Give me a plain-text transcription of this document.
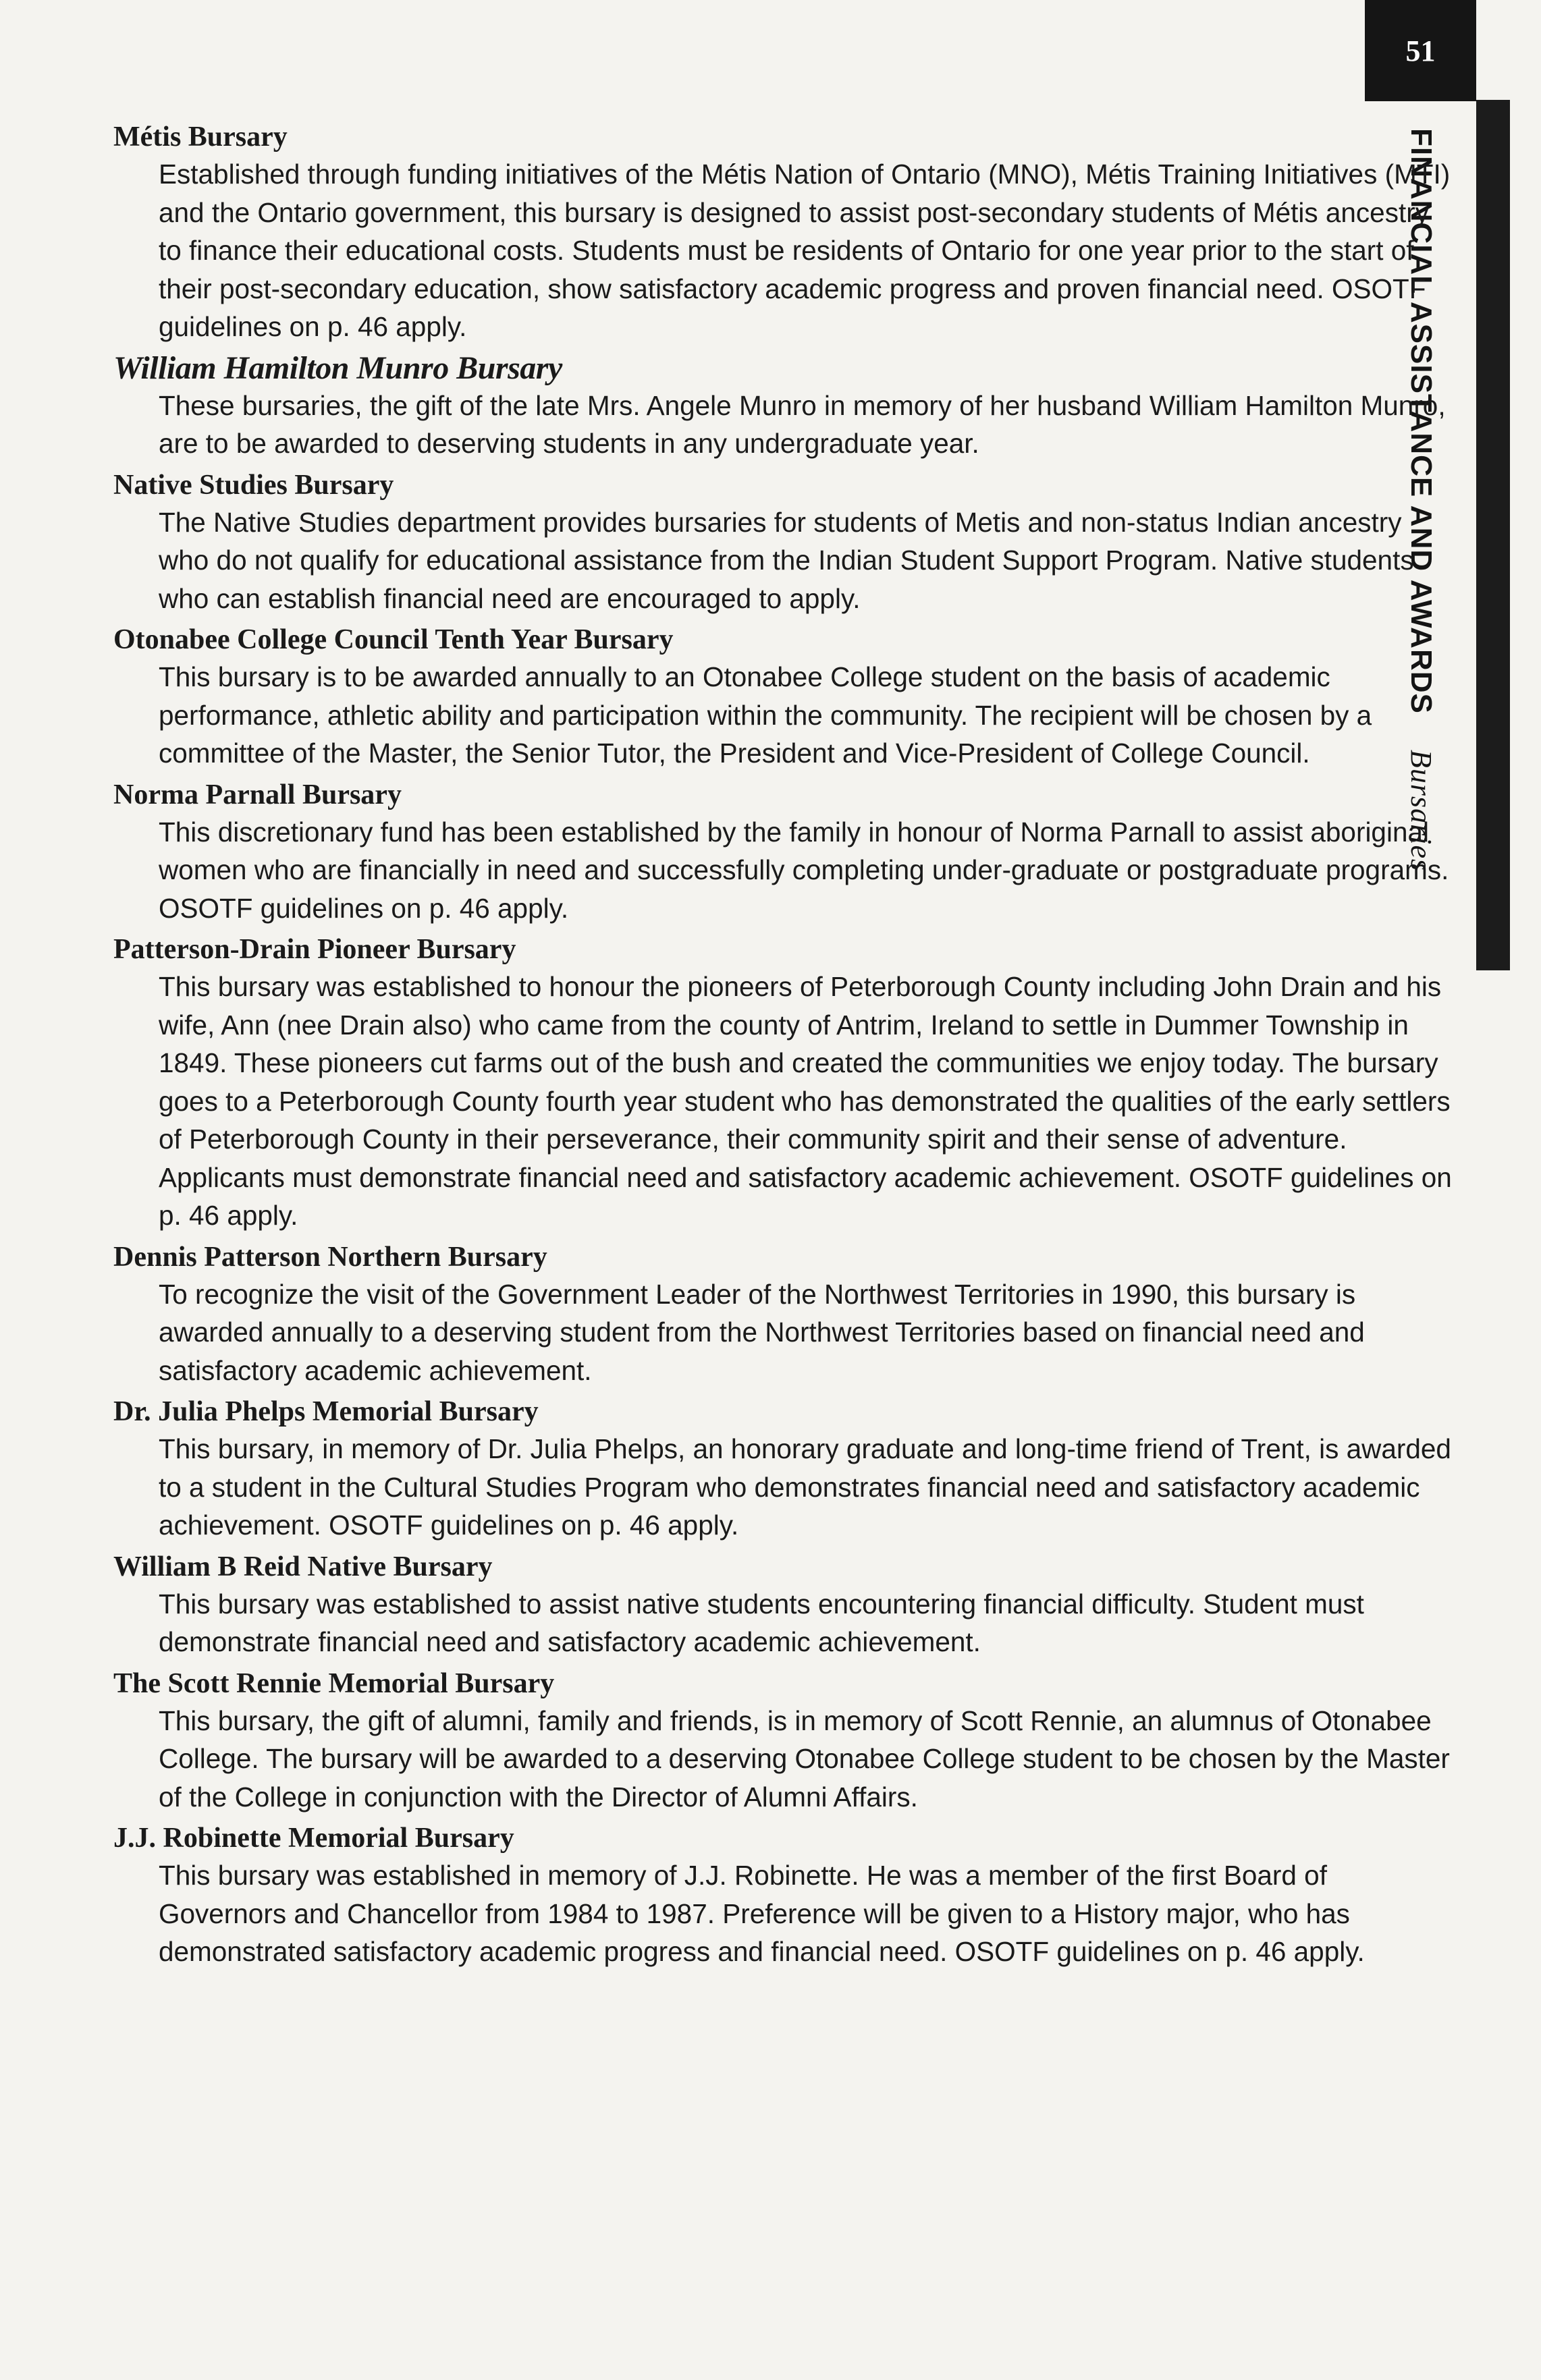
51
FINANCIAL ASSISTANCE AND AWARDS Bursaries
Métis Bursary

Established through funding initiatives of the Métis Nation of Ontario (MNO), Métis Training Initiatives (MTI) and the Ontario government, this bursary is designed to assist post-secondary students of Métis ancestry to finance their educational costs. Students must be residents of Ontario for one year prior to the start of their post-secondary education, show satisfactory academic progress and proven financial need. OSOTF guidelines on p. 46 apply.

William Hamilton Munro Bursary

These bursaries, the gift of the late Mrs. Angele Munro in memory of her husband William Hamilton Munro, are to be awarded to deserving students in any undergraduate year.

Native Studies Bursary

The Native Studies department provides bursaries for students of Metis and non-status Indian ancestry who do not qualify for educational assistance from the Indian Student Support Program. Native students who can establish financial need are encouraged to apply.

Otonabee College Council Tenth Year Bursary

This bursary is to be awarded annually to an Otonabee College student on the basis of academic performance, athletic ability and participation within the community. The recipient will be chosen by a committee of the Master, the Senior Tutor, the President and Vice-President of College Council.

Norma Parnall Bursary

This discretionary fund has been established by the family in honour of Norma Parnall to assist aboriginal women who are financially in need and successfully completing under-graduate or postgraduate programs. OSOTF guidelines on p. 46 apply.

Patterson-Drain Pioneer Bursary

This bursary was established to honour the pioneers of Peterborough County including John Drain and his wife, Ann (nee Drain also) who came from the county of Antrim, Ireland to settle in Dummer Township in 1849. These pioneers cut farms out of the bush and created the communities we enjoy today. The bursary goes to a Peterborough County fourth year student who has demonstrated the qualities of the early settlers of Peterborough County in their perseverance, their community spirit and their sense of adventure. Applicants must demonstrate financial need and satisfactory academic achievement. OSOTF guidelines on p. 46 apply.

Dennis Patterson Northern Bursary

To recognize the visit of the Government Leader of the Northwest Territories in 1990, this bursary is awarded annually to a deserving student from the Northwest Territories based on financial need and satisfactory academic achievement.

Dr. Julia Phelps Memorial Bursary

This bursary, in memory of Dr. Julia Phelps, an honorary graduate and long-time friend of Trent, is awarded to a student in the Cultural Studies Program who demonstrates financial need and satisfactory academic achievement. OSOTF guidelines on p. 46 apply.

William B Reid Native Bursary

This bursary was established to assist native students encountering financial difficulty. Student must demonstrate financial need and satisfactory academic achievement.

The Scott Rennie Memorial Bursary

This bursary, the gift of alumni, family and friends, is in memory of Scott Rennie, an alumnus of Otonabee College. The bursary will be awarded to a deserving Otonabee College student to be chosen by the Master of the College in conjunction with the Director of Alumni Affairs.

J.J. Robinette Memorial Bursary

This bursary was established in memory of J.J. Robinette. He was a member of the first Board of Governors and Chancellor from 1984 to 1987. Preference will be given to a History major, who has demonstrated satisfactory academic progress and financial need. OSOTF guidelines on p. 46 apply.
